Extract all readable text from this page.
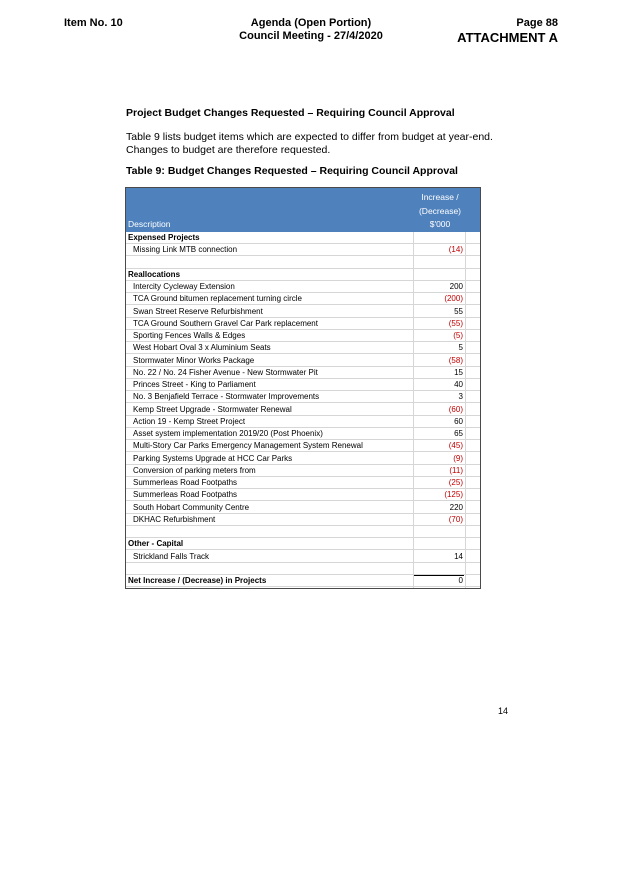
Item No. 10	Agenda (Open Portion)
Council Meeting - 27/4/2020
Page 88
ATTACHMENT A
Project Budget Changes Requested – Requiring Council Approval
Table 9 lists budget items which are expected to differ from budget at year-end. Changes to budget are therefore requested.
Table 9: Budget Changes Requested – Requiring Council Approval
Description
Increase /
(Decrease)
$'000
Expensed Projects
Missing Link MTB connection	(14)
Reallocations
Intercity Cycleway Extension	200
TCA Ground bitumen replacement turning circle	(200)
Swan Street Reserve Refurbishment	55
TCA Ground Southern Gravel Car Park replacement	(55)
Sporting Fences Walls & Edges	(5)
West Hobart Oval 3 x Aluminium Seats	5
Stormwater Minor Works Package	(58)
No. 22 / No. 24 Fisher Avenue - New Stormwater Pit	15
Princes Street - King to Parliament	40
No. 3 Benjafield Terrace - Stormwater Improvements	3
Kemp Street Upgrade - Stormwater Renewal	(60)
Action 19 - Kemp Street Project	60
Asset system implementation 2019/20 (Post Phoenix)	65
Multi-Story Car Parks Emergency Management System Renewal	(45)
Parking Systems Upgrade at HCC Car Parks	(9)
Conversion of parking meters from	(11)
Summerleas Road Footpaths	(25)
Summerleas Road Footpaths	(125)
South Hobart Community Centre	220
DKHAC Refurbishment	(70)
Other - Capital
Strickland Falls Track	14
Net Increase / (Decrease) in Projects	0
14
